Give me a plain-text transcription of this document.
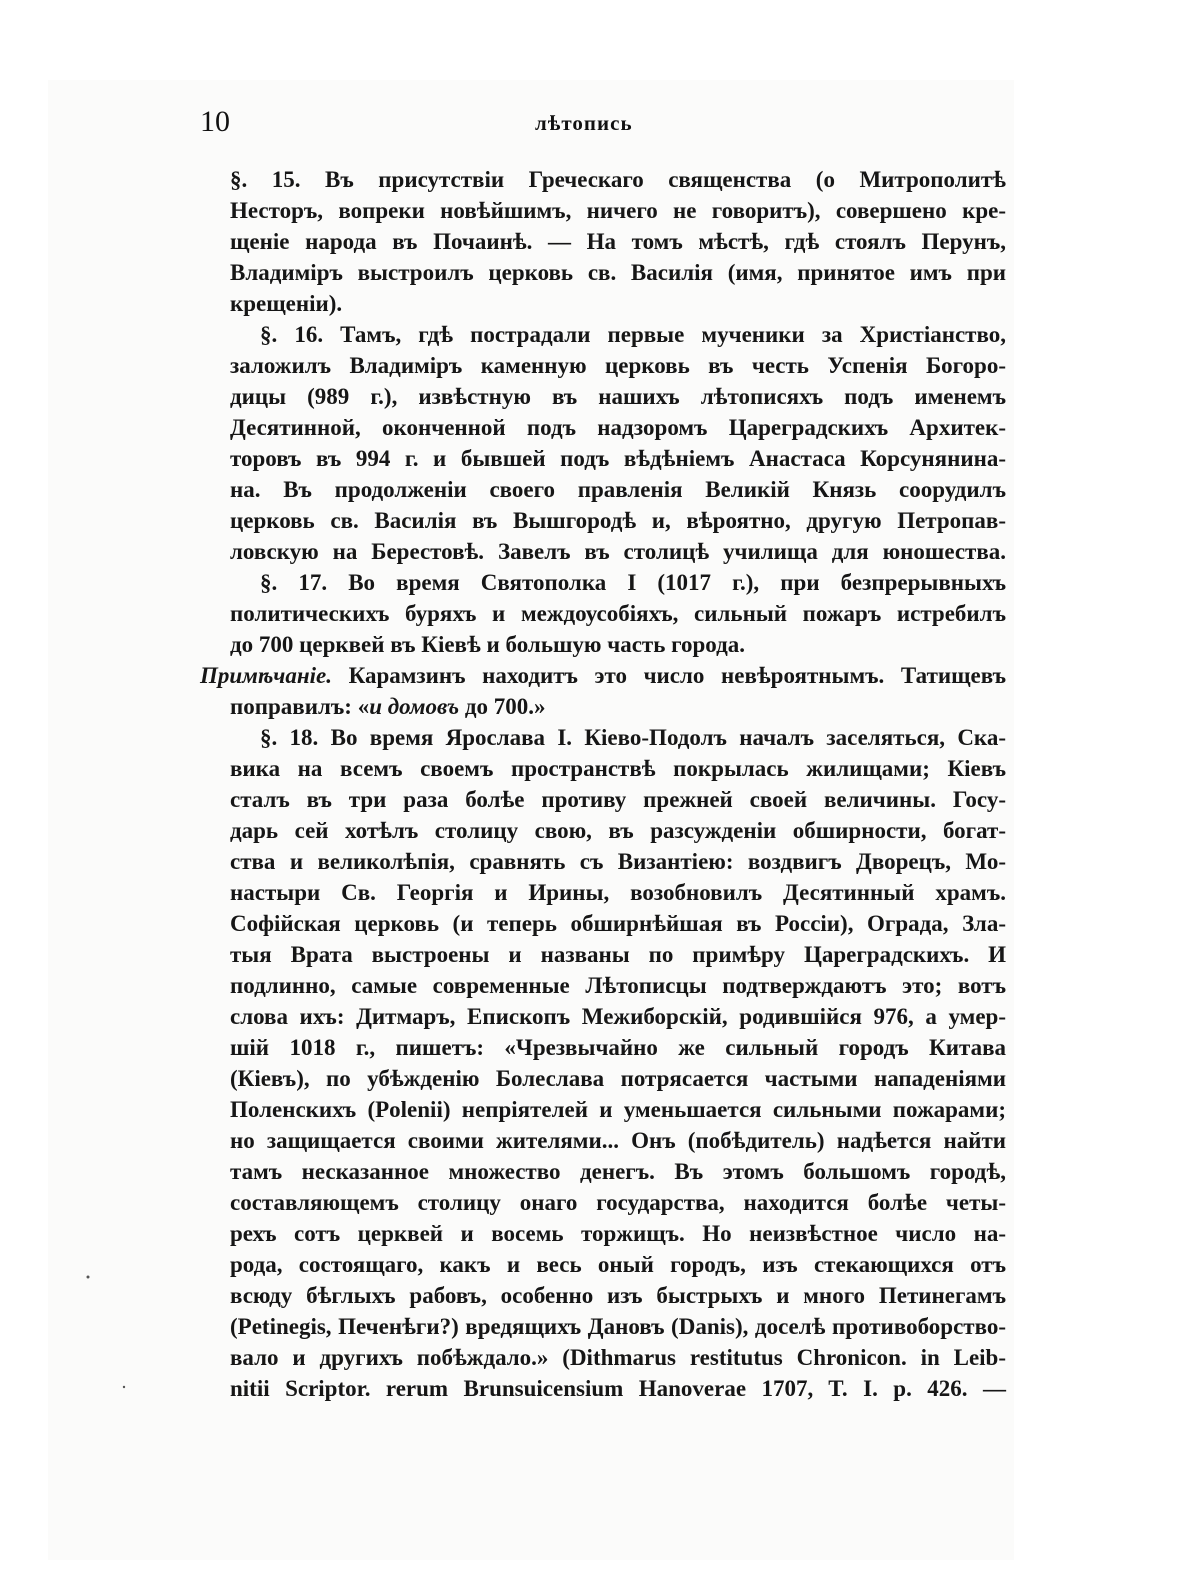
10	лѣтопись
§. 15. Въ присутствіи Греческаго священства (о Митрополитѣ
Несторъ, вопреки новѣйшимъ, ничего не говоритъ), совершено кре-
щеніе народа въ Почаинѣ. — На томъ мѣстѣ, гдѣ стоялъ Перунъ,
Владиміръ выстроилъ церковь св. Василія (имя, принятое имъ при
крещеніи).
§. 16. Тамъ, гдѣ пострадали первые мученики за Христіанство,
заложилъ Владиміръ каменную церковь въ честь Успенія Богоро-
дицы (989 г.), извѣстную въ нашихъ лѣтописяхъ подъ именемъ
Десятинной, оконченной подъ надзоромъ Цареградскихъ Архитек-
торовъ въ 994 г. и бывшей подъ вѣдѣніемъ Анастаса Корсунянина-
на. Въ продолженіи своего правленія Великій Князь соорудилъ
церковь св. Василія въ Вышгородѣ и, вѣроятно, другую Петропав-
ловскую на Берестовѣ. Завелъ въ столицѣ училища для юношества.
§. 17. Во время Святополка I (1017 г.), при безпрерывныхъ
политическихъ буряхъ и междоусобіяхъ, сильный пожаръ истребилъ
до 700 церквей въ Кіевѣ и большую часть города.
Примѣчаніе. Карамзинъ находитъ это число невѣроятнымъ. Татищевъ
поправилъ: «и домовъ до 700.»
§. 18. Во время Ярослава I. Кіево-Подолъ началъ заселяться, Ска-
вика на всемъ своемъ пространствѣ покрылась жилищами; Кіевъ
сталъ въ три раза болѣе противу прежней своей величины. Госу-
дарь сей хотѣлъ столицу свою, въ разсужденіи обширности, богат-
ства и великолѣпія, сравнять съ Византіею: воздвигъ Дворецъ, Мо-
настыри Св. Георгія и Ирины, возобновилъ Десятинный храмъ.
Софійская церковь (и теперь обширнѣйшая въ Россіи), Ограда, Зла-
тыя Врата выстроены и названы по примѣру Цареградскихъ. И
подлинно, самые современные Лѣтописцы подтверждаютъ это; вотъ
слова ихъ: Дитмаръ, Епископъ Межиборскій, родившійся 976, а умер-
шій 1018 г., пишетъ: «Чрезвычайно же сильный городъ Китава
(Кіевъ), по убѣжденію Болеслава потрясается частыми нападеніями
Поленскихъ (Polenii) непріятелей и уменьшается сильными пожарами;
но защищается своими жителями... Онъ (побѣдитель) надѣется найти
тамъ несказанное множество денегъ. Въ этомъ большомъ городѣ,
составляющемъ столицу онаго государства, находится болѣе четы-
рехъ сотъ церквей и восемь торжищъ. Но неизвѣстное число на-
рода, состоящаго, какъ и весь оный городъ, изъ стекающихся отъ
всюду бѣглыхъ рабовъ, особенно изъ быстрыхъ и много Петинегамъ
(Petinegis, Печенѣги?) вредящихъ Дановъ (Danis), доселѣ противоборство-
вало и другихъ побѣждало.» (Dithmarus restitutus Chronicon. in Leib-
nitii Scriptor. rerum Brunsuicensium Hanoverae 1707, T. I. p. 426. —
